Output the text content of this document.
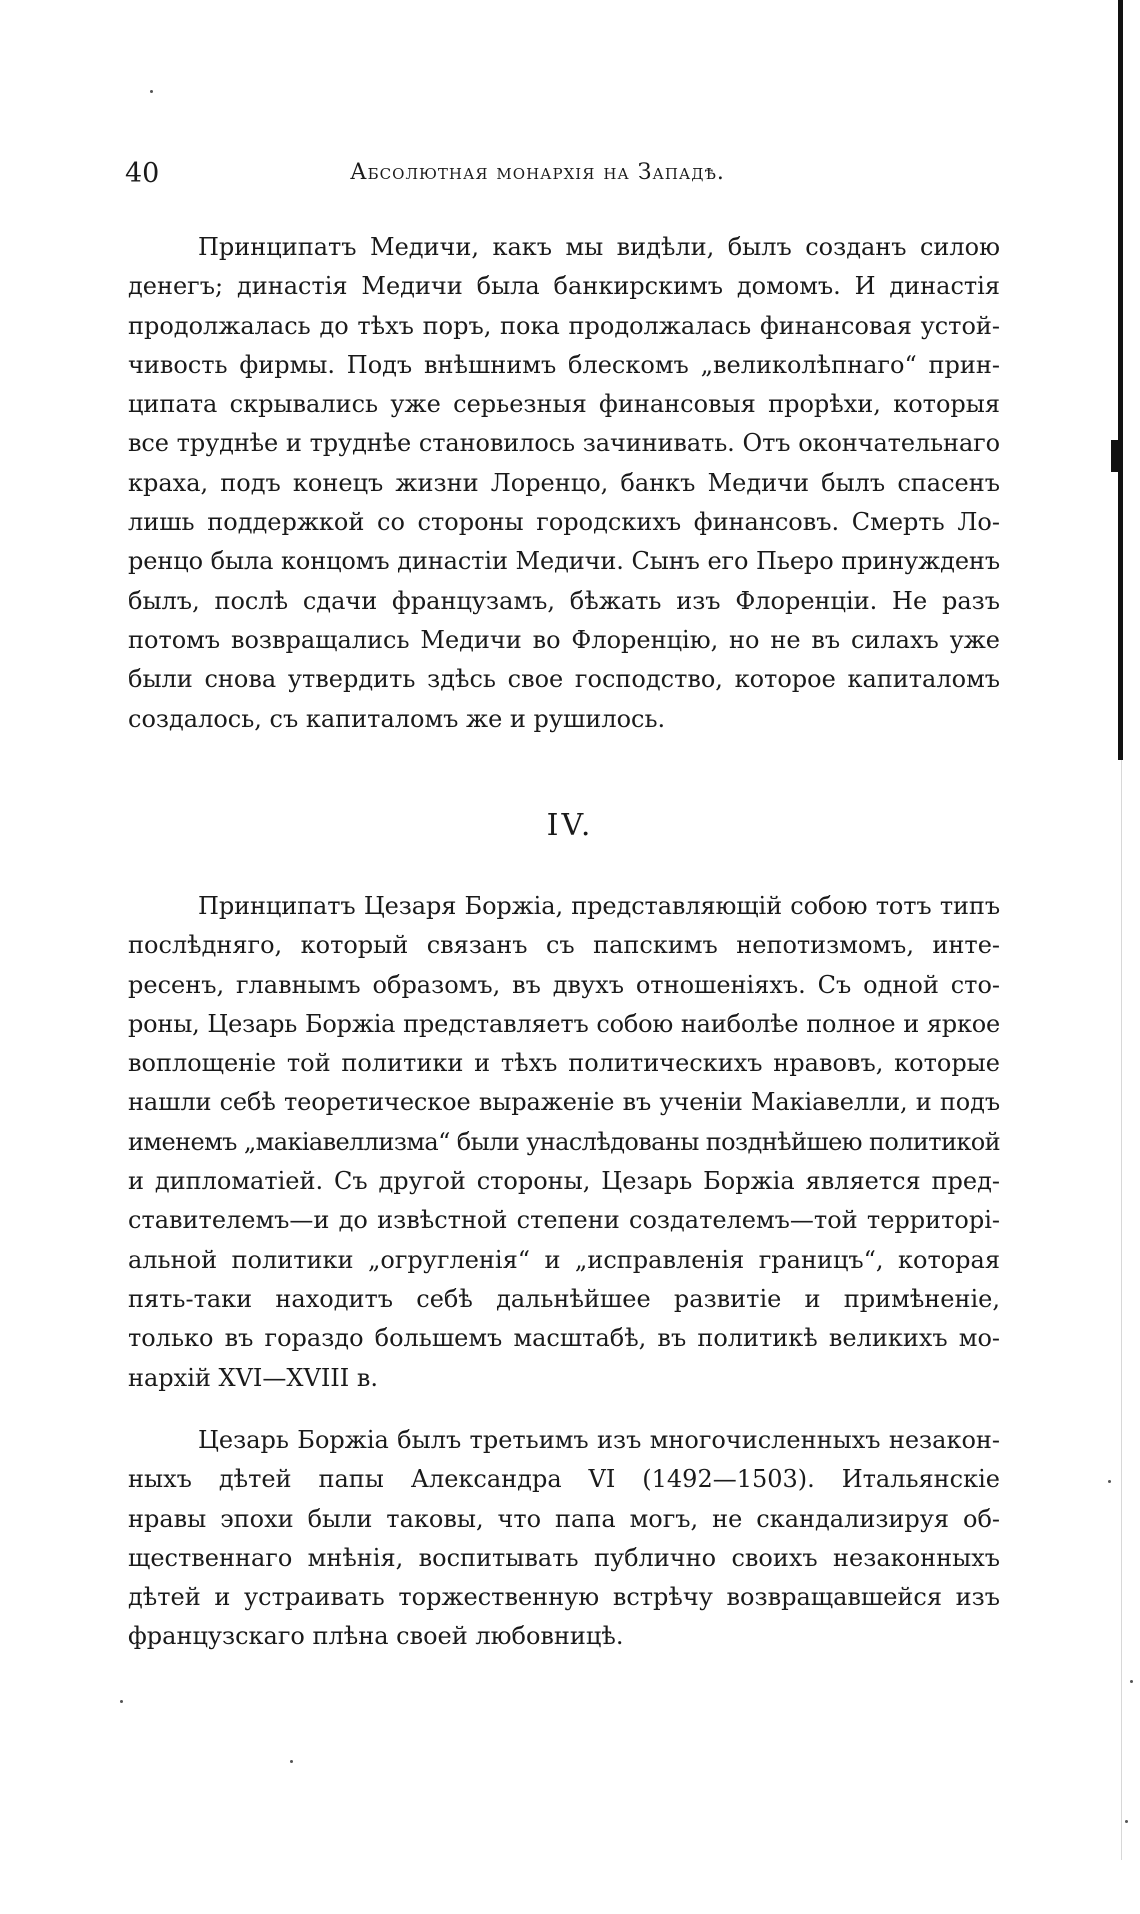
40	Абсолютная монархія на Западѣ.
Принципатъ Медичи, какъ мы видѣли, былъ созданъ силою
денегъ; династія Медичи была банкирскимъ домомъ. И династія
продолжалась до тѣхъ поръ, пока продолжалась финансовая устой-
чивость фирмы. Подъ внѣшнимъ блескомъ „великолѣпнаго“ прин-
ципата скрывались уже серьезныя финансовыя прорѣхи, которыя
все труднѣе и труднѣе становилось зачинивать. Отъ окончательнаго
краха, подъ конецъ жизни Лоренцо, банкъ Медичи былъ спасенъ
лишь поддержкой со стороны городскихъ финансовъ. Смерть Ло-
ренцо была концомъ династіи Медичи. Сынъ его Пьеро принужденъ
былъ, послѣ сдачи французамъ, бѣжать изъ Флоренціи. Не разъ
потомъ возвращались Медичи во Флоренцію, но не въ силахъ уже
были снова утвердить здѣсь свое господство, которое капиталомъ
создалось, съ капиталомъ же и рушилось.
IV.
Принципатъ Цезаря Боржіа, представляющій собою тотъ типъ
послѣдняго, который связанъ съ папскимъ непотизмомъ, инте-
ресенъ, главнымъ образомъ, въ двухъ отношеніяхъ. Съ одной сто-
роны, Цезарь Боржіа представляетъ собою наиболѣе полное и яркое
воплощеніе той политики и тѣхъ политическихъ нравовъ, которые
нашли себѣ теоретическое выраженіе въ ученіи Макіавелли, и подъ
именемъ „макіавеллизма“ были унаслѣдованы позднѣйшею политикой
и дипломатіей. Съ другой стороны, Цезарь Боржіа является пред-
ставителемъ—и до извѣстной степени создателемъ—той территорі-
альной политики „огругленія“ и „исправленія границъ“, которая
пять-таки находитъ себѣ дальнѣйшее развитіе и примѣненіе,
только въ гораздо большемъ масштабѣ, въ политикѣ великихъ мо-
нархій XVI—XVIII в.
Цезарь Боржіа былъ третьимъ изъ многочисленныхъ незакон-
ныхъ дѣтей папы Александра VI (1492—1503). Итальянскіе
нравы эпохи были таковы, что папа могъ, не скандализируя об-
щественнаго мнѣнія, воспитывать публично своихъ незаконныхъ
дѣтей и устраивать торжественную встрѣчу возвращавшейся изъ
французскаго плѣна своей любовницѣ.
